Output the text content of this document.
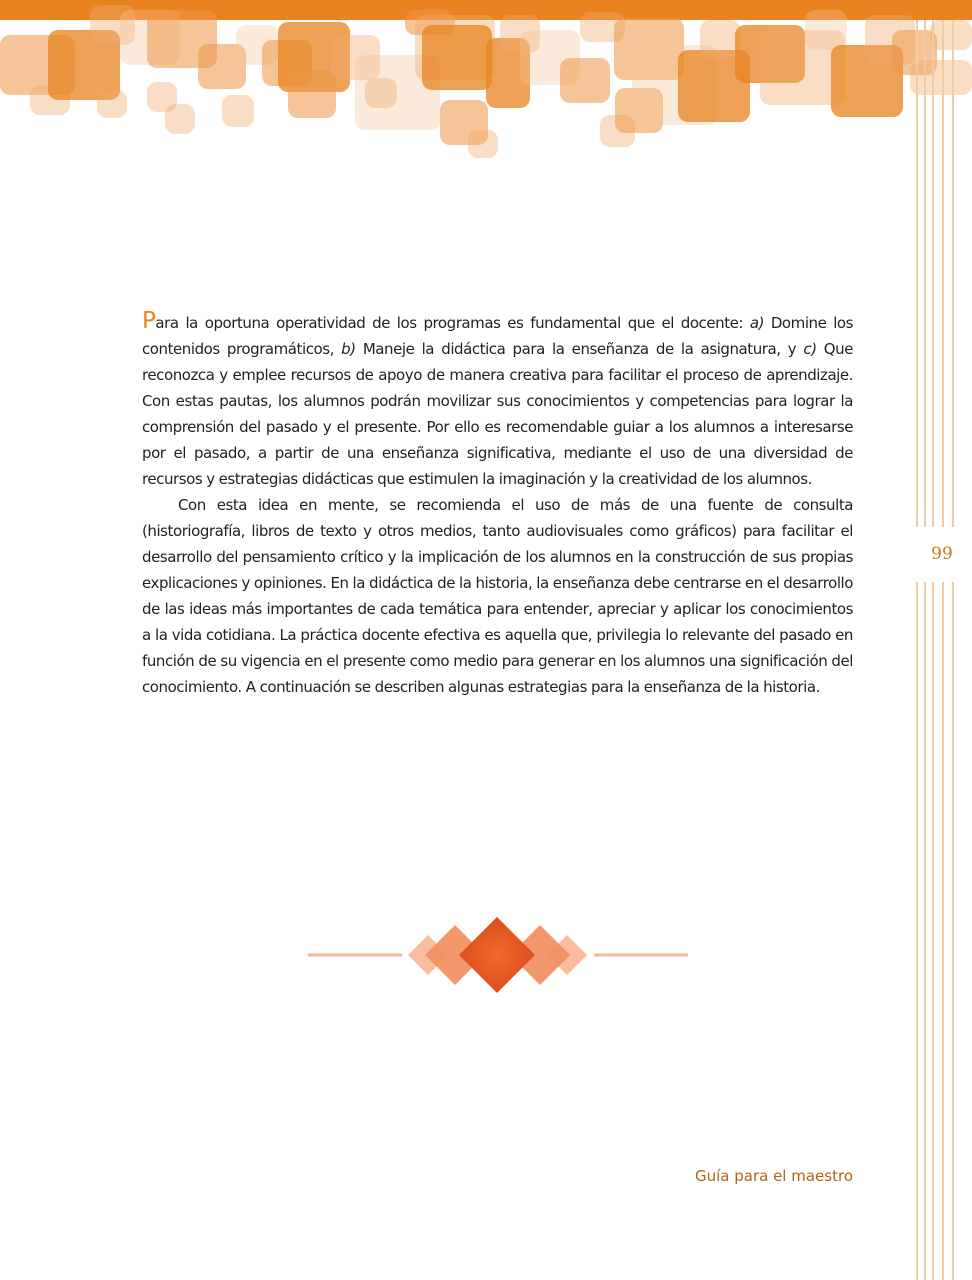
99

Para la oportuna operatividad de los programas es fundamental que el docente: a) Domine los contenidos programáticos, b) Maneje la didáctica para la enseñanza de la asignatura, y c) Que reconozca y emplee recursos de apoyo de manera creativa para facilitar el proceso de aprendizaje. Con estas pautas, los alumnos podrán movilizar sus conocimientos y competencias para lograr la comprensión del pasado y el presente. Por ello es recomendable guiar a los alumnos a interesarse por el pasado, a partir de una enseñanza significativa, mediante el uso de una diversidad de recursos y estrategias didácticas que estimulen la imaginación y la creatividad de los alumnos.

Con esta idea en mente, se recomienda el uso de más de una fuente de consulta (historiografía, libros de texto y otros medios, tanto audiovisuales como gráficos) para facilitar el desarrollo del pensamiento crítico y la implicación de los alumnos en la construcción de sus propias explicaciones y opiniones. En la didáctica de la historia, la enseñanza debe centrarse en el desarrollo de las ideas más importantes de cada temática para entender, apreciar y aplicar los conocimientos a la vida cotidiana. La práctica docente efectiva es aquella que, privilegia lo relevante del pasado en función de su vigencia en el presente como medio para generar en los alumnos una significación del conocimiento. A continuación se describen algunas estrategias para la enseñanza de la historia.

Guía para el maestro
